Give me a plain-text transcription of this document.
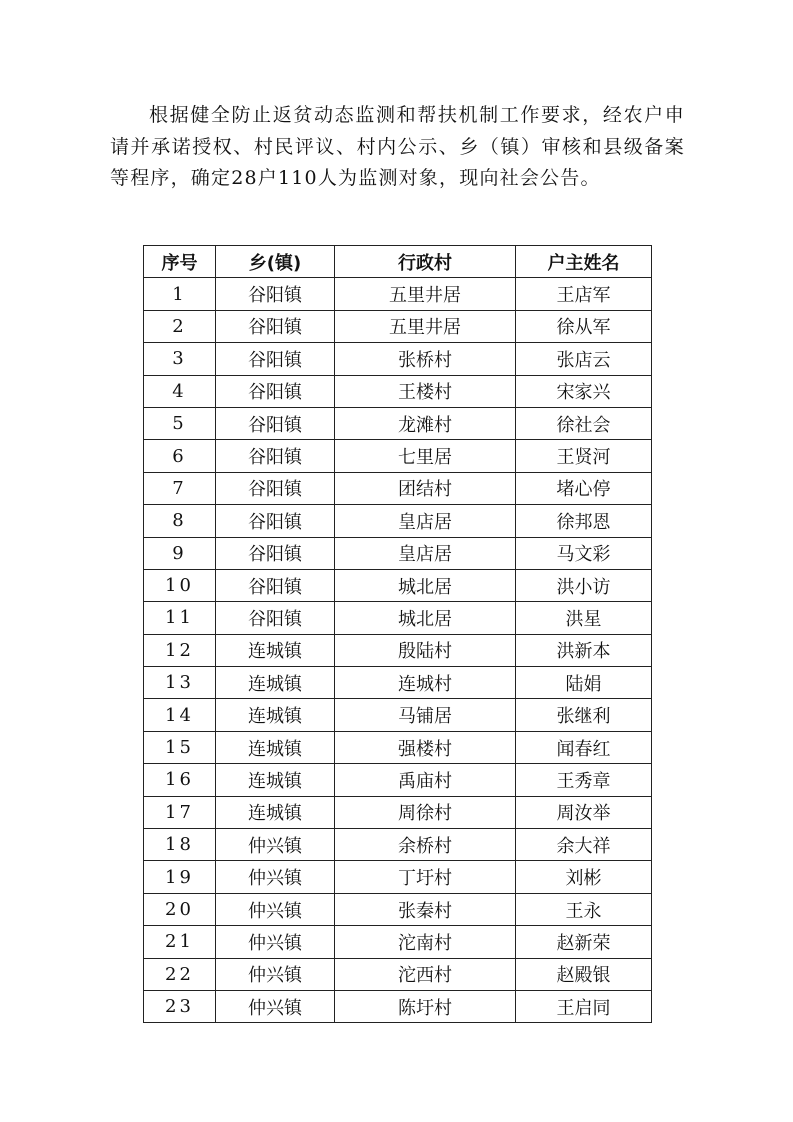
根据健全防止返贫动态监测和帮扶机制工作要求，经农户申请并承诺授权、村民评议、村内公示、乡（镇）审核和县级备案等程序，确定28户110人为监测对象，现向社会公告。

序号	乡(镇)	行政村	户主姓名
1	谷阳镇	五里井居	王店军
2	谷阳镇	五里井居	徐从军
3	谷阳镇	张桥村	张店云
4	谷阳镇	王楼村	宋家兴
5	谷阳镇	龙滩村	徐社会
6	谷阳镇	七里居	王贤河
7	谷阳镇	团结村	堵心停
8	谷阳镇	皇店居	徐邦恩
9	谷阳镇	皇店居	马文彩
10	谷阳镇	城北居	洪小访
11	谷阳镇	城北居	洪星
12	连城镇	殷陆村	洪新本
13	连城镇	连城村	陆娟
14	连城镇	马铺居	张继利
15	连城镇	强楼村	闻春红
16	连城镇	禹庙村	王秀章
17	连城镇	周徐村	周汝举
18	仲兴镇	余桥村	余大祥
19	仲兴镇	丁圩村	刘彬
20	仲兴镇	张秦村	王永
21	仲兴镇	沱南村	赵新荣
22	仲兴镇	沱西村	赵殿银
23	仲兴镇	陈圩村	王启同
